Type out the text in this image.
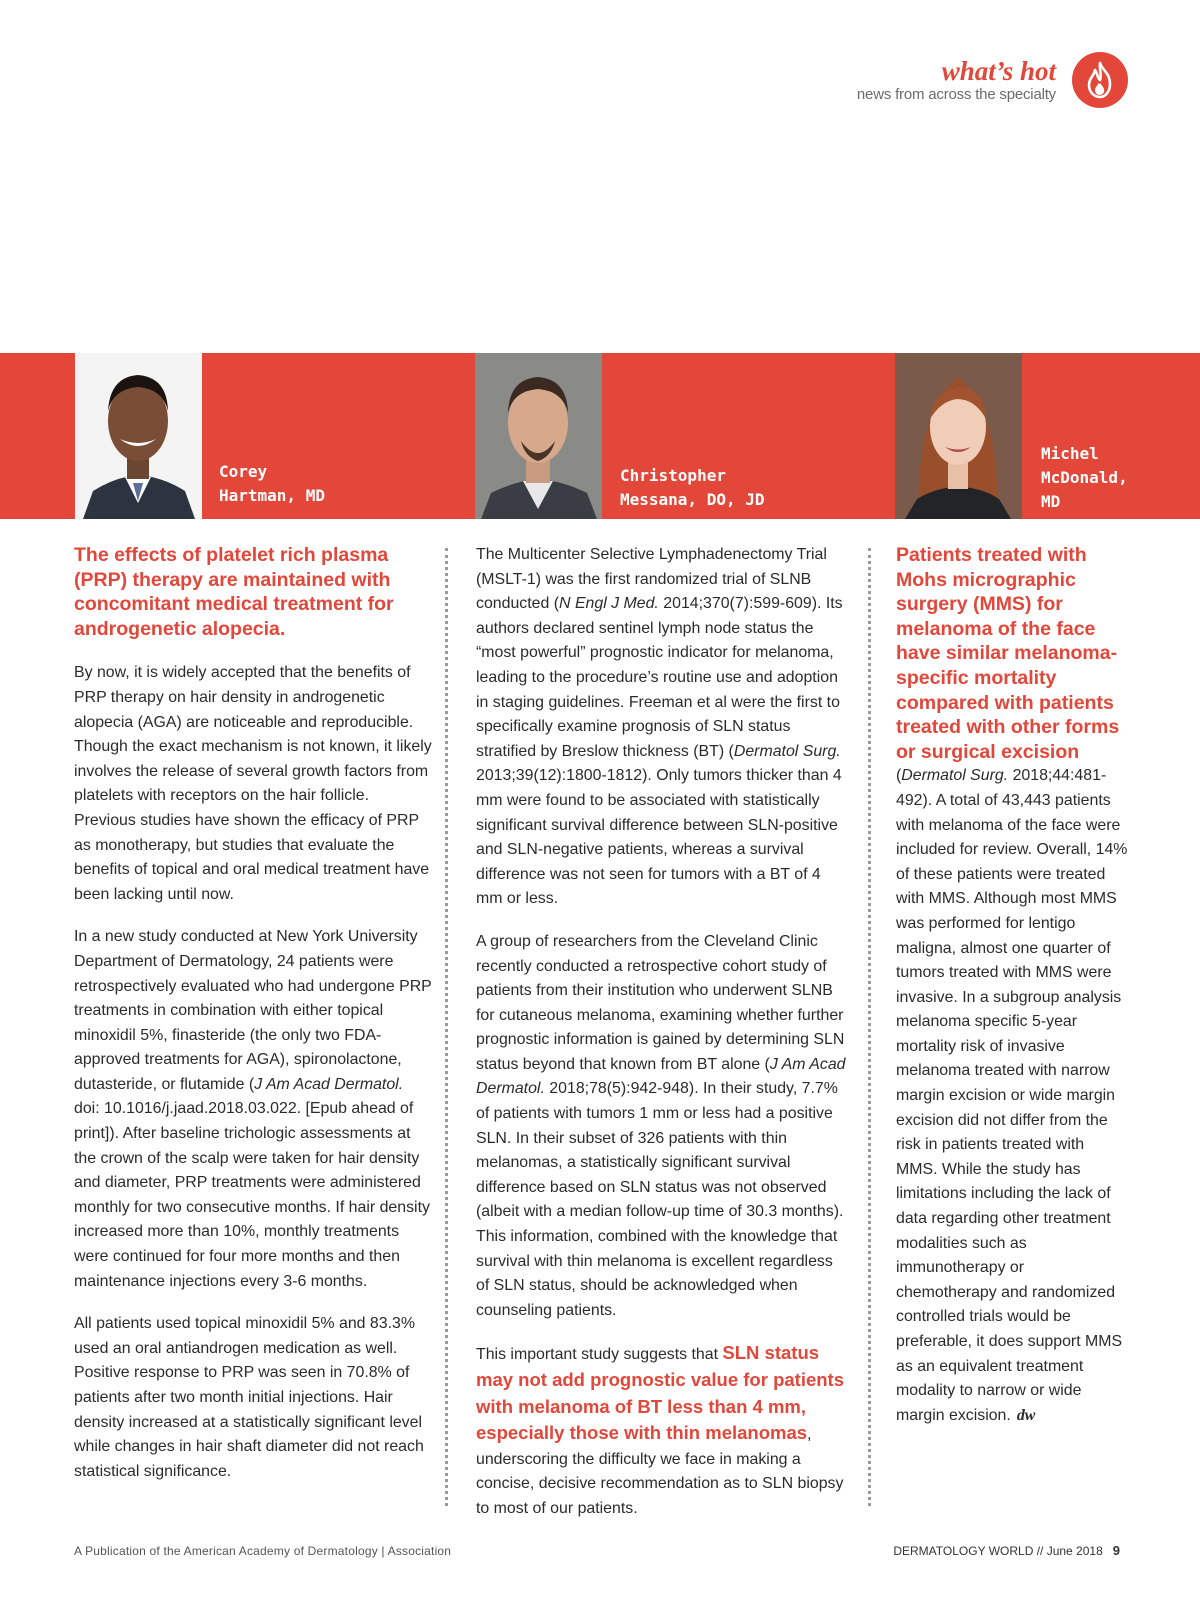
what’s hot
news from across the specialty
Corey
Hartman, MD
Christopher
Messana, DO, JD
Michel
McDonald,
MD
The effects of platelet rich plasma (PRP) therapy are maintained with concomitant medical treatment for androgenetic alopecia.

By now, it is widely accepted that the benefits of PRP therapy on hair density in androgenetic alopecia (AGA) are noticeable and reproducible. Though the exact mechanism is not known, it likely involves the release of several growth factors from platelets with receptors on the hair follicle. Previous studies have shown the efficacy of PRP as monotherapy, but studies that evaluate the benefits of topical and oral medical treatment have been lacking until now.

In a new study conducted at New York University Department of Dermatology, 24 patients were retrospectively evaluated who had undergone PRP treatments in combination with either topical minoxidil 5%, finasteride (the only two FDA-approved treatments for AGA), spironolactone, dutasteride, or flutamide (J Am Acad Dermatol. doi: 10.1016/j.jaad.2018.03.022. [Epub ahead of print]). After baseline trichologic assessments at the crown of the scalp were taken for hair density and diameter, PRP treatments were administered monthly for two consecutive months. If hair density increased more than 10%, monthly treatments were continued for four more months and then maintenance injections every 3-6 months.

All patients used topical minoxidil 5% and 83.3% used an oral antiandrogen medication as well. Positive response to PRP was seen in 70.8% of patients after two month initial injections. Hair density increased at a statistically significant level while changes in hair shaft diameter did not reach statistical significance.

The Multicenter Selective Lymphadenectomy Trial (MSLT-1) was the first randomized trial of SLNB conducted (N Engl J Med. 2014;370(7):599-609). Its authors declared sentinel lymph node status the “most powerful” prognostic indicator for melanoma, leading to the procedure’s routine use and adoption in staging guidelines. Freeman et al were the first to specifically examine prognosis of SLN status stratified by Breslow thickness (BT) (Dermatol Surg. 2013;39(12):1800-1812). Only tumors thicker than 4 mm were found to be associated with statistically significant survival difference between SLN-positive and SLN-negative patients, whereas a survival difference was not seen for tumors with a BT of 4 mm or less.

A group of researchers from the Cleveland Clinic recently conducted a retrospective cohort study of patients from their institution who underwent SLNB for cutaneous melanoma, examining whether further prognostic information is gained by determining SLN status beyond that known from BT alone (J Am Acad Dermatol. 2018;78(5):942-948). In their study, 7.7% of patients with tumors 1 mm or less had a positive SLN. In their subset of 326 patients with thin melanomas, a statistically significant survival difference based on SLN status was not observed (albeit with a median follow-up time of 30.3 months). This information, combined with the knowledge that survival with thin melanoma is excellent regardless of SLN status, should be acknowledged when counseling patients.

This important study suggests that SLN status may not add prognostic value for patients with melanoma of BT less than 4 mm, especially those with thin melanomas, underscoring the difficulty we face in making a concise, decisive recommendation as to SLN biopsy to most of our patients.

Patients treated with Mohs micrographic surgery (MMS) for melanoma of the face have similar melanoma-specific mortality compared with patients treated with other forms or surgical excision

(Dermatol Surg. 2018;44:481-492). A total of 43,443 patients with melanoma of the face were included for review. Overall, 14% of these patients were treated with MMS. Although most MMS was performed for lentigo maligna, almost one quarter of tumors treated with MMS were invasive. In a subgroup analysis melanoma specific 5-year mortality risk of invasive melanoma treated with narrow margin excision or wide margin excision did not differ from the risk in patients treated with MMS. While the study has limitations including the lack of data regarding other treatment modalities such as immunotherapy or chemotherapy and randomized controlled trials would be preferable, it does support MMS as an equivalent treatment modality to narrow or wide margin excision. dw

A Publication of the American Academy of Dermatology | Association	DERMATOLOGY WORLD // June 2018 9
